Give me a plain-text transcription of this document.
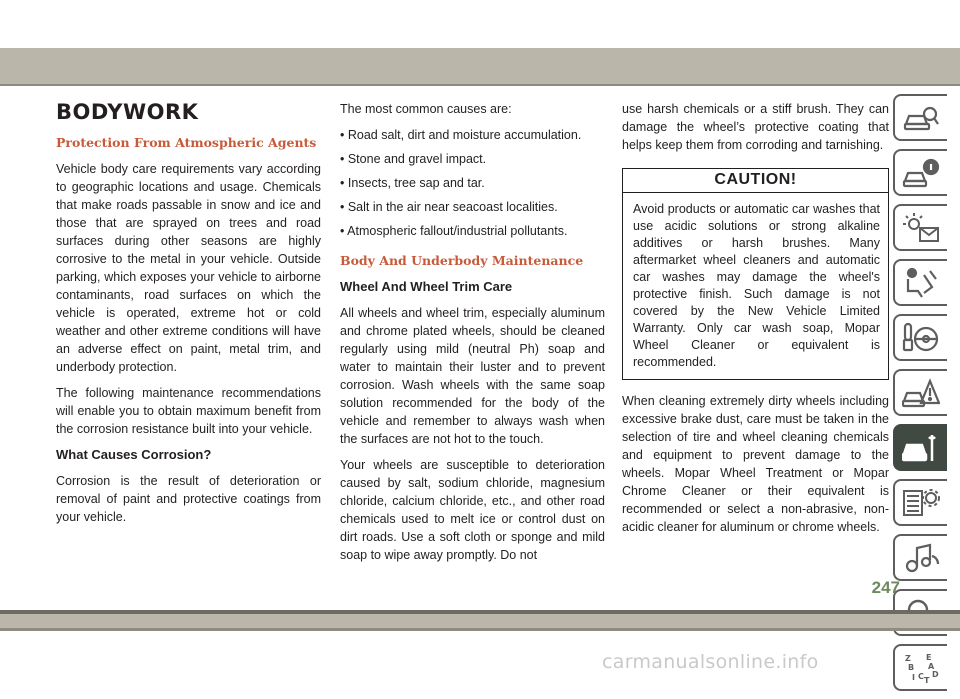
BODYWORK
Protection From Atmospheric Agents

Vehicle body care requirements vary according to geographic locations and usage. Chemicals that make roads passable in snow and ice and those that are sprayed on trees and road surfaces during other seasons are highly corrosive to the metal in your vehicle. Outside parking, which exposes your vehicle to airborne contaminants, road surfaces on which the vehicle is operated, extreme hot or cold weather and other extreme conditions will have an adverse effect on paint, metal trim, and underbody protection.

The following maintenance recommendations will enable you to obtain maximum benefit from the corrosion resistance built into your vehicle.

What Causes Corrosion?

Corrosion is the result of deterioration or removal of paint and protective coatings from your vehicle.

The most common causes are:

• Road salt, dirt and moisture accumulation.

• Stone and gravel impact.

• Insects, tree sap and tar.

• Salt in the air near seacoast localities.

• Atmospheric fallout/industrial pollutants.

Body And Underbody Maintenance
Wheel And Wheel Trim Care

All wheels and wheel trim, especially aluminum and chrome plated wheels, should be cleaned regularly using mild (neutral Ph) soap and water to maintain their luster and to prevent corrosion. Wash wheels with the same soap solution recommended for the body of the vehicle and remember to always wash when the surfaces are not hot to the touch.

Your wheels are susceptible to deterioration caused by salt, sodium chloride, magnesium chloride, calcium chloride, etc., and other road chemicals used to melt ice or control dust on dirt roads. Use a soft cloth or sponge and mild soap to wipe away promptly. Do not

use harsh chemicals or a stiff brush. They can damage the wheel’s protective coating that helps keep them from corroding and tarnishing.

CAUTION!
Avoid products or automatic car washes that use acidic solutions or strong alkaline additives or harsh brushes. Many aftermarket wheel cleaners and automatic car washes may damage the wheel's protective finish. Such damage is not covered by the New Vehicle Limited Warranty. Only car wash soap, Mopar Wheel Cleaner or equivalent is recommended.

When cleaning extremely dirty wheels including excessive brake dust, care must be taken in the selection of tire and wheel cleaning chemicals and equipment to prevent damage to the wheels. Mopar Wheel Treatment or Mopar Chrome Cleaner or their equivalent is recommended or select a non-abrasive, non-acidic cleaner for aluminum or chrome wheels.

Z E
B A
D
I C T
247
carmanualsonline.info
